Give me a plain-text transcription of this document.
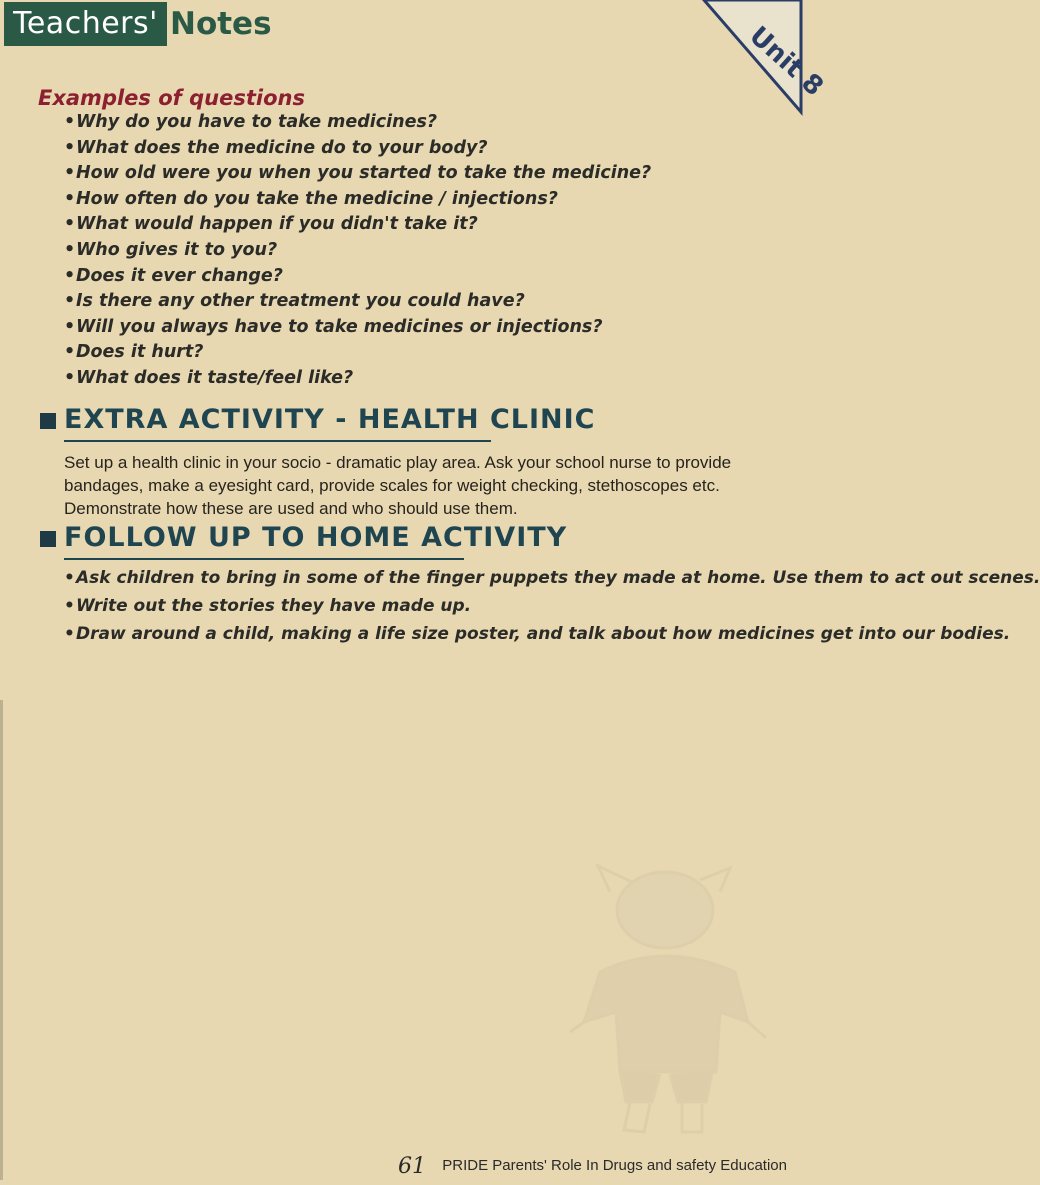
Teachers' Notes	Unit 8
Examples of questions
•Why do you have to take medicines?
•What does the medicine do to your body?
•How old were you when you started to take the medicine?
•How often do you take the medicine / injections?
•What would happen if you didn't take it?
•Who gives it to you?
•Does it ever change?
•Is there any other treatment you could have?
•Will you always have to take medicines or injections?
•Does it hurt?
•What does it taste/feel like?
EXTRA ACTIVITY - HEALTH CLINIC
Set up a health clinic in your socio - dramatic play area. Ask your school nurse to provide bandages, make a eyesight card, provide scales for weight checking, stethoscopes etc. Demonstrate how these are used and who should use them.
FOLLOW UP TO HOME ACTIVITY
•Ask children to bring in some of the finger puppets they made at home. Use them to act out scenes.
•Write out the stories they have made up.
•Draw around a child, making a life size poster, and talk about how medicines get into our bodies.
61 PRIDE Parents' Role In Drugs and safety Education
